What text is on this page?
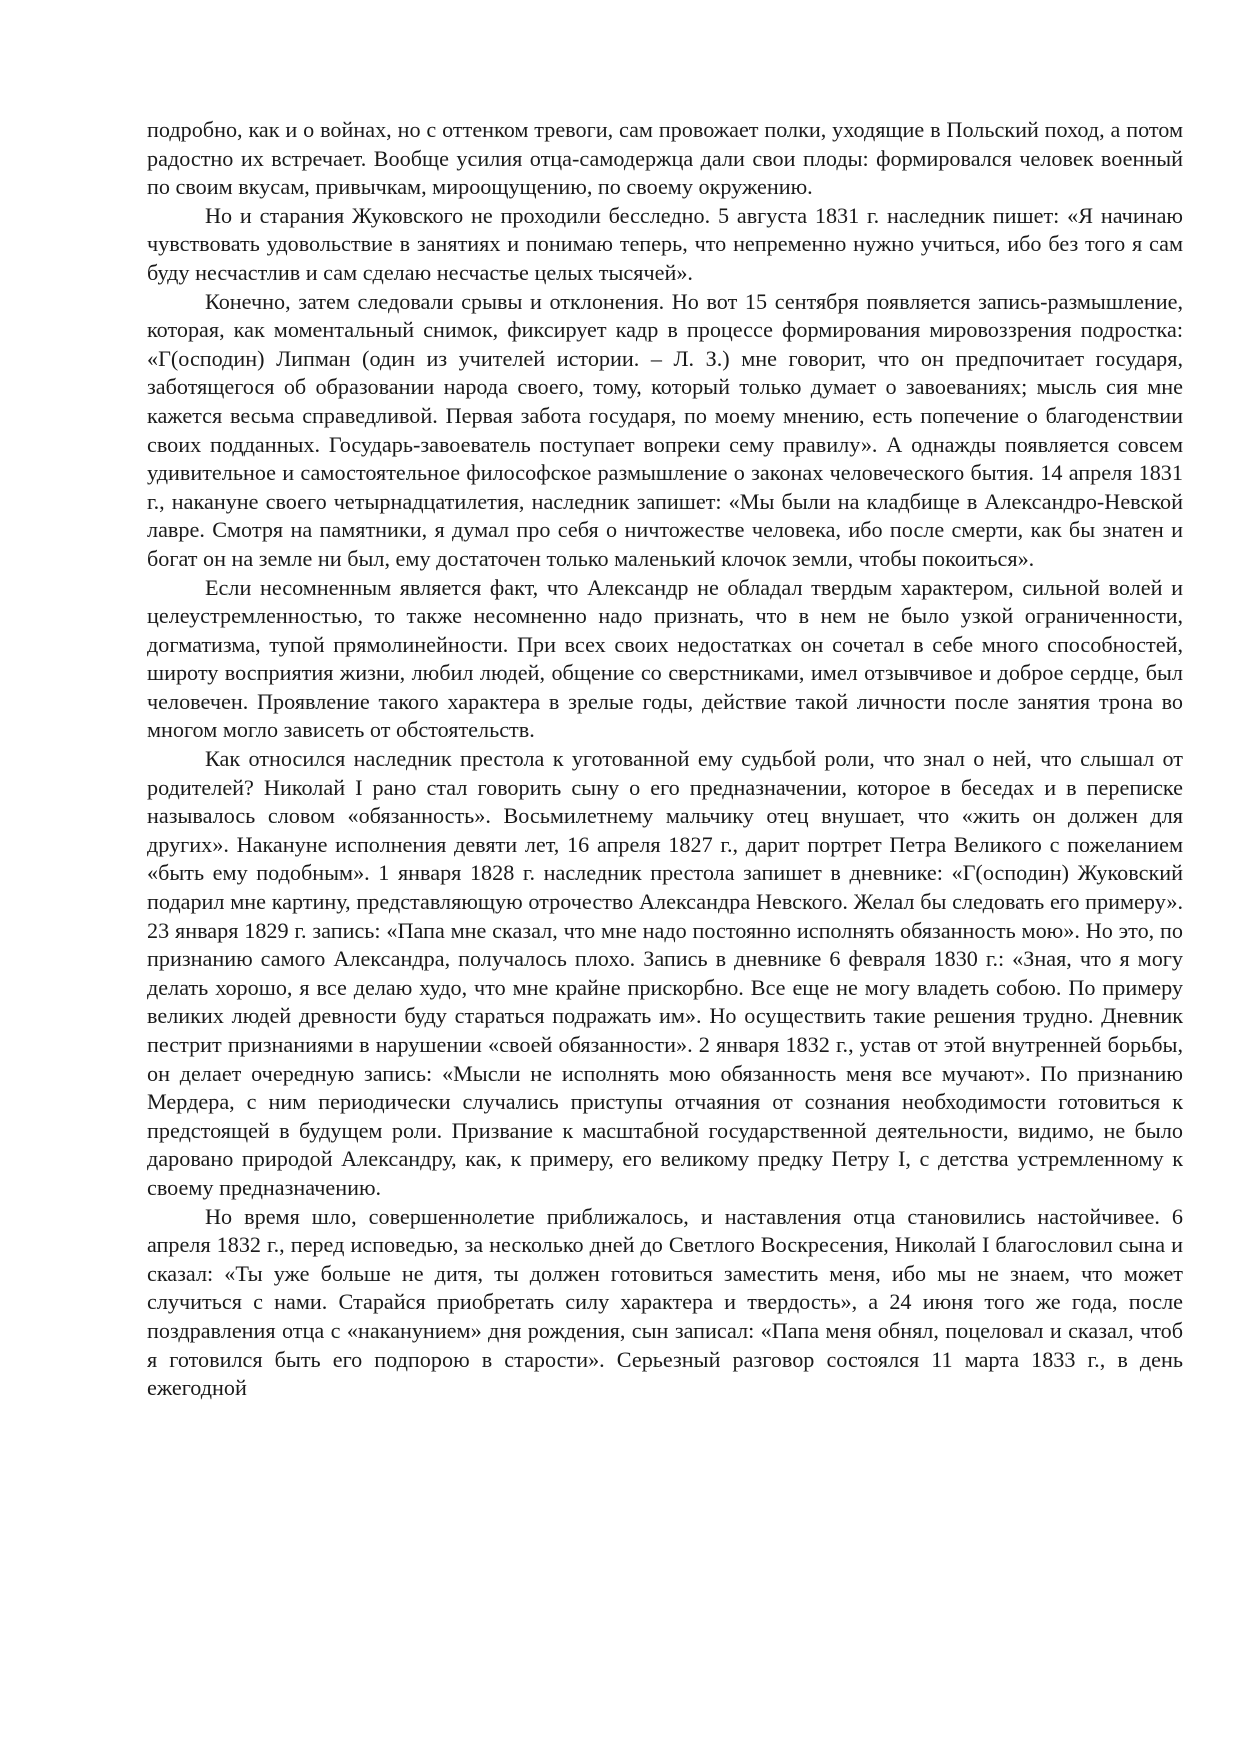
подробно, как и о войнах, но с оттенком тревоги, сам провожает полки, уходящие в Польский поход, а потом радостно их встречает. Вообще усилия отца-самодержца дали свои плоды: формировался человек военный по своим вкусам, привычкам, мироощущению, по своему окружению.

Но и старания Жуковского не проходили бесследно. 5 августа 1831 г. наследник пишет: «Я начинаю чувствовать удовольствие в занятиях и понимаю теперь, что непременно нужно учиться, ибо без того я сам буду несчастлив и сам сделаю несчастье целых тысячей».

Конечно, затем следовали срывы и отклонения. Но вот 15 сентября появляется запись-размышление, которая, как моментальный снимок, фиксирует кадр в процессе формирования мировоззрения подростка: «Г(осподин) Липман (один из учителей истории. – Л. З.) мне говорит, что он предпочитает государя, заботящегося об образовании народа своего, тому, который только думает о завоеваниях; мысль сия мне кажется весьма справедливой. Первая забота государя, по моему мнению, есть попечение о благоденствии своих подданных. Государь-завоеватель поступает вопреки сему правилу». А однажды появляется совсем удивительное и самостоятельное философское размышление о законах человеческого бытия. 14 апреля 1831 г., накануне своего четырнадцатилетия, наследник запишет: «Мы были на кладбище в Александро-Невской лавре. Смотря на памятники, я думал про себя о ничтожестве человека, ибо после смерти, как бы знатен и богат он на земле ни был, ему достаточен только маленький клочок земли, чтобы покоиться».

Если несомненным является факт, что Александр не обладал твердым характером, сильной волей и целеустремленностью, то также несомненно надо признать, что в нем не было узкой ограниченности, догматизма, тупой прямолинейности. При всех своих недостатках он сочетал в себе много способностей, широту восприятия жизни, любил людей, общение со сверстниками, имел отзывчивое и доброе сердце, был человечен. Проявление такого характера в зрелые годы, действие такой личности после занятия трона во многом могло зависеть от обстоятельств.

Как относился наследник престола к уготованной ему судьбой роли, что знал о ней, что слышал от родителей? Николай I рано стал говорить сыну о его предназначении, которое в беседах и в переписке называлось словом «обязанность». Восьмилетнему мальчику отец внушает, что «жить он должен для других». Накануне исполнения девяти лет, 16 апреля 1827 г., дарит портрет Петра Великого с пожеланием «быть ему подобным». 1 января 1828 г. наследник престола запишет в дневнике: «Г(осподин) Жуковский подарил мне картину, представляющую отрочество Александра Невского. Желал бы следовать его примеру». 23 января 1829 г. запись: «Папа мне сказал, что мне надо постоянно исполнять обязанность мою». Но это, по признанию самого Александра, получалось плохо. Запись в дневнике 6 февраля 1830 г.: «Зная, что я могу делать хорошо, я все делаю худо, что мне крайне прискорбно. Все еще не могу владеть собою. По примеру великих людей древности буду стараться подражать им». Но осуществить такие решения трудно. Дневник пестрит признаниями в нарушении «своей обязанности». 2 января 1832 г., устав от этой внутренней борьбы, он делает очередную запись: «Мысли не исполнять мою обязанность меня все мучают». По признанию Мердера, с ним периодически случались приступы отчаяния от сознания необходимости готовиться к предстоящей в будущем роли. Призвание к масштабной государственной деятельности, видимо, не было даровано природой Александру, как, к примеру, его великому предку Петру I, с детства устремленному к своему предназначению.

Но время шло, совершеннолетие приближалось, и наставления отца становились настойчивее. 6 апреля 1832 г., перед исповедью, за несколько дней до Светлого Воскресения, Николай I благословил сына и сказал: «Ты уже больше не дитя, ты должен готовиться заместить меня, ибо мы не знаем, что может случиться с нами. Старайся приобретать силу характера и твердость», а 24 июня того же года, после поздравления отца с «накануниeм» дня рождения, сын записал: «Папа меня обнял, поцеловал и сказал, чтоб я готовился быть его подпорою в старости». Серьезный разговор состоялся 11 марта 1833 г., в день ежегодной
